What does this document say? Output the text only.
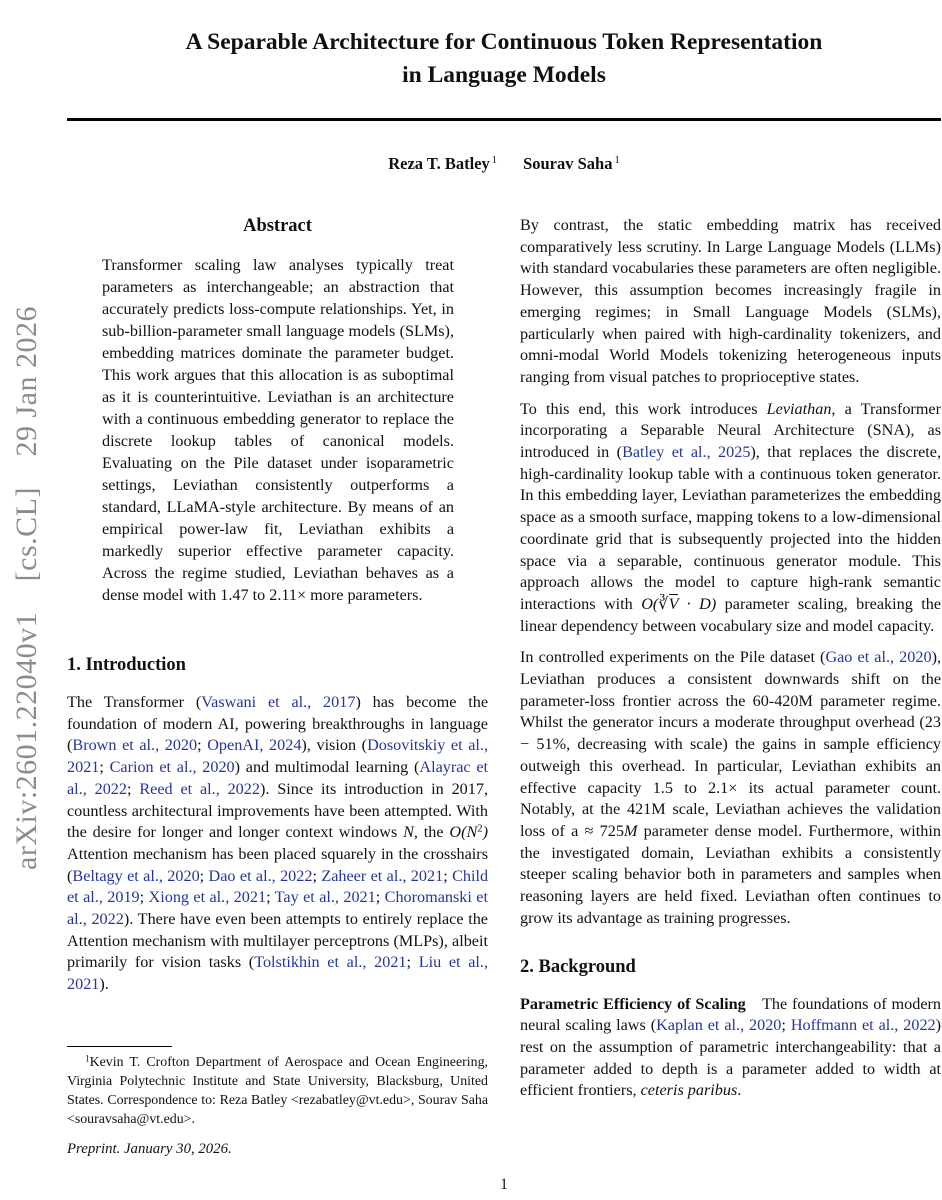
arXiv:2601.22040v1 [cs.CL] 29 Jan 2026
A Separable Architecture for Continuous Token Representation
in Language Models
Reza T. Batley $^1$ Sourav Saha $^1$
Abstract

Transformer scaling law analyses typically treat parameters as interchangeable; an abstraction that accurately predicts loss-compute relationships. Yet, in sub-billion-parameter small language models (SLMs), embedding matrices dominate the parameter budget. This work argues that this allocation is as suboptimal as it is counterintuitive. Leviathan is an architecture with a continuous embedding generator to replace the discrete lookup tables of canonical models. Evaluating on the Pile dataset under isoparametric settings, Leviathan consistently outperforms a standard, LLaMA-style architecture. By means of an empirical power-law fit, Leviathan exhibits a markedly superior effective parameter capacity. Across the regime studied, Leviathan behaves as a dense model with 1.47 to 2.11× more parameters.

1. Introduction

The Transformer (Vaswani et al., 2017) has become the foundation of modern AI, powering breakthroughs in language (Brown et al., 2020; OpenAI, 2024), vision (Dosovitskiy et al., 2021; Carion et al., 2020) and multimodal learning (Alayrac et al., 2022; Reed et al., 2022). Since its introduction in 2017, countless architectural improvements have been attempted. With the desire for longer and longer context windows N, the $O(N^2)$ Attention mechanism has been placed squarely in the crosshairs (Beltagy et al., 2020; Dao et al., 2022; Zaheer et al., 2021; Child et al., 2019; Xiong et al., 2021; Tay et al., 2021; Choromanski et al., 2022). There have even been attempts to entirely replace the Attention mechanism with multilayer perceptrons (MLPs), albeit primarily for vision tasks (Tolstikhin et al., 2021; Liu et al., 2021).

By contrast, the static embedding matrix has received comparatively less scrutiny. In Large Language Models (LLMs) with standard vocabularies these parameters are often negligible. However, this assumption becomes increasingly fragile in emerging regimes; in Small Language Models (SLMs), particularly when paired with high-cardinality tokenizers, and omni-modal World Models tokenizing heterogeneous inputs ranging from visual patches to proprioceptive states.

To this end, this work introduces Leviathan, a Transformer incorporating a Separable Neural Architecture (SNA), as introduced in (Batley et al., 2025), that replaces the discrete, high-cardinality lookup table with a continuous token generator. In this embedding layer, Leviathan parameterizes the embedding space as a smooth surface, mapping tokens to a low-dimensional coordinate grid that is subsequently projected into the hidden space via a separable, continuous generator module. This approach allows the model to capture high-rank semantic interactions with O(∛V · D) parameter scaling, breaking the linear dependency between vocabulary size and model capacity.

In controlled experiments on the Pile dataset (Gao et al., 2020), Leviathan produces a consistent downwards shift on the parameter-loss frontier across the 60-420M parameter regime. Whilst the generator incurs a moderate throughput overhead (23 − 51%, decreasing with scale) the gains in sample efficiency outweigh this overhead. In particular, Leviathan exhibits an effective capacity 1.5 to 2.1× its actual parameter count. Notably, at the 421M scale, Leviathan achieves the validation loss of a ≈ 725M parameter dense model. Furthermore, within the investigated domain, Leviathan exhibits a consistently steeper scaling behavior both in parameters and samples when reasoning layers are held fixed. Leviathan often continues to grow its advantage as training progresses.

2. Background

Parametric Efficiency of Scaling The foundations of modern neural scaling laws (Kaplan et al., 2020; Hoffmann et al., 2022) rest on the assumption of parametric interchangeability: that a parameter added to depth is a parameter added to width at efficient frontiers, ceteris paribus.

$^1$Kevin T. Crofton Department of Aerospace and Ocean Engineering, Virginia Polytechnic Institute and State University, Blacksburg, United States. Correspondence to: Reza Batley <rezabatley@vt.edu>, Sourav Saha <souravsaha@vt.edu>.

Preprint. January 30, 2026.

1
